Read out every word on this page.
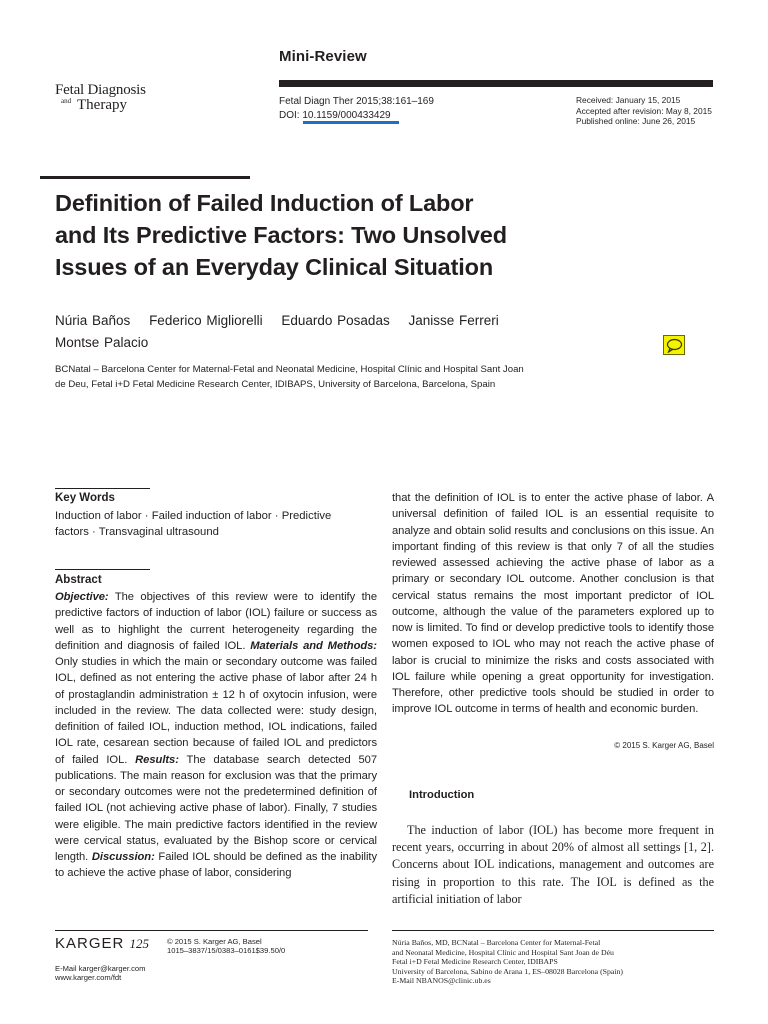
Mini-Review
Fetal Diagnosis
and Therapy	Fetal Diagn Ther 2015;38:161–169
DOI: 10.1159/000433429
Received: January 15, 2015
Accepted after revision: May 8, 2015
Published online: June 26, 2015
Definition of Failed Induction of Labor
and Its Predictive Factors: Two Unsolved
Issues of an Everyday Clinical Situation
Núria Baños Federico Migliorelli Eduardo Posadas Janisse Ferreri
Montse Palacio
BCNatal – Barcelona Center for Maternal-Fetal and Neonatal Medicine, Hospital Clínic and Hospital Sant Joan
de Deu, Fetal i+D Fetal Medicine Research Center, IDIBAPS, University of Barcelona, Barcelona, Spain
Key Words
Induction of labor · Failed induction of labor · Predictive factors · Transvaginal ultrasound
Abstract
Objective: The objectives of this review were to identify the predictive factors of induction of labor (IOL) failure or success as well as to highlight the current heterogeneity regarding the definition and diagnosis of failed IOL. Materials and Methods: Only studies in which the main or secondary outcome was failed IOL, defined as not entering the active phase of labor after 24 h of prostaglandin administration ± 12 h of oxytocin infusion, were included in the review. The data collected were: study design, definition of failed IOL, induction method, IOL indications, failed IOL rate, cesarean section because of failed IOL and predictors of failed IOL. Results: The database search detected 507 publications. The main reason for exclusion was that the primary or secondary outcomes were not the predetermined definition of failed IOL (not achieving active phase of labor). Finally, 7 studies were eligible. The main predictive factors identified in the review were cervical status, evaluated by the Bishop score or cervical length. Discussion: Failed IOL should be defined as the inability to achieve the active phase of labor, considering
that the definition of IOL is to enter the active phase of labor. A universal definition of failed IOL is an essential requisite to analyze and obtain solid results and conclusions on this issue. An important finding of this review is that only 7 of all the studies reviewed assessed achieving the active phase of labor as a primary or secondary IOL outcome. Another conclusion is that cervical status remains the most important predictor of IOL outcome, although the value of the parameters explored up to now is limited. To find or develop predictive tools to identify those women exposed to IOL who may not reach the active phase of labor is crucial to minimize the risks and costs associated with IOL failure while opening a great opportunity for investigation. Therefore, other predictive tools should be studied in order to improve IOL outcome in terms of health and economic burden.
© 2015 S. Karger AG, Basel
Introduction
The induction of labor (IOL) has become more frequent in recent years, occurring in about 20% of almost all settings [1, 2]. Concerns about IOL indications, management and outcomes are rising in proportion to this rate. The IOL is defined as the artificial initiation of labor
KARGER 125 © 2015 S. Karger AG, Basel
1015–3837/15/0383–0161$39.50/0
E-Mail karger@karger.com
www.karger.com/fdt
Núria Baños, MD, BCNatal – Barcelona Center for Maternal-Fetal
and Neonatal Medicine, Hospital Clínic and Hospital Sant Joan de Déu
Fetal i+D Fetal Medicine Research Center, IDIBAPS
University of Barcelona, Sabino de Arana 1, ES–08028 Barcelona (Spain)
E-Mail NBANOS@clinic.ub.es
